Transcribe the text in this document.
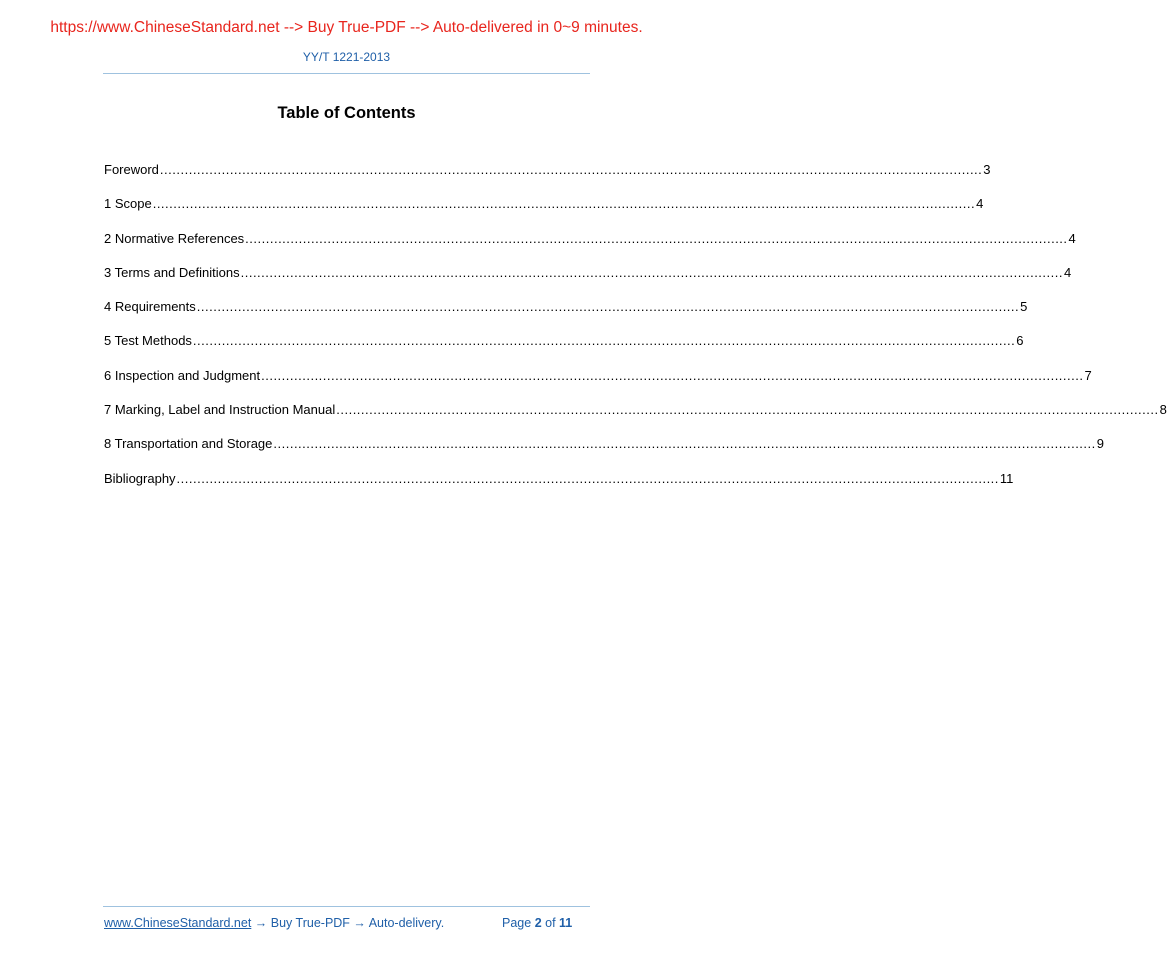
https://www.ChineseStandard.net --> Buy True-PDF --> Auto-delivered in 0~9 minutes.
YY/T 1221-2013
Table of Contents
Foreword ........................................................................................................................................................................................................ 3
1 Scope ........................................................................................................................................................................................................ 4
2 Normative References ........................................................................................................................................................................................................ 4
3 Terms and Definitions ........................................................................................................................................................................................................ 4
4 Requirements ........................................................................................................................................................................................................ 5
5 Test Methods ........................................................................................................................................................................................................ 6
6 Inspection and Judgment ........................................................................................................................................................................................................ 7
7 Marking, Label and Instruction Manual ........................................................................................................................................................................................................ 8
8 Transportation and Storage ........................................................................................................................................................................................................ 9
Bibliography ........................................................................................................................................................................................................ 11
www.ChineseStandard.net → Buy True-PDF → Auto-delivery.	Page 2 of 11
